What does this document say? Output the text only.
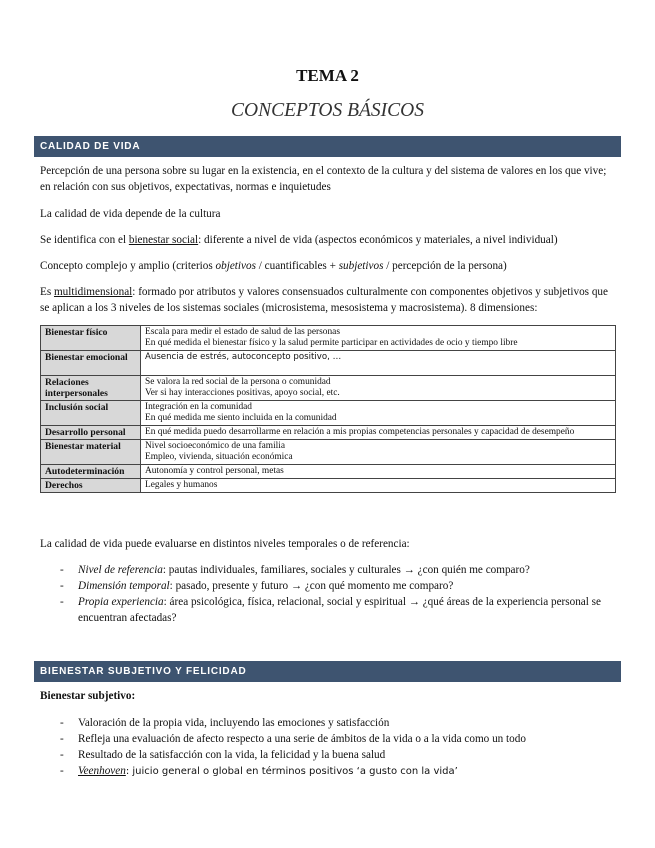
TEMA 2
CONCEPTOS BÁSICOS
CALIDAD DE VIDA
Percepción de una persona sobre su lugar en la existencia, en el contexto de la cultura y del sistema de valores en los que vive; en relación con sus objetivos, expectativas, normas e inquietudes
La calidad de vida depende de la cultura
Se identifica con el bienestar social: diferente a nivel de vida (aspectos económicos y materiales, a nivel individual)
Concepto complejo y amplio (criterios objetivos / cuantificables + subjetivos / percepción de la persona)
Es multidimensional: formado por atributos y valores consensuados culturalmente con componentes objetivos y subjetivos que se aplican a los 3 niveles de los sistemas sociales (microsistema, mesosistema y macrosistema). 8 dimensiones:
Bienestar físico	Escala para medir el estado de salud de las personas
En qué medida el bienestar físico y la salud permite participar en actividades de ocio y tiempo libre

Bienestar emocional	Ausencia de estrés, autoconcepto positivo, …

Relaciones interpersonales	Se valora la red social de la persona o comunidad
Ver si hay interacciones positivas, apoyo social, etc.

Inclusión social	Integración en la comunidad
En qué medida me siento incluida en la comunidad

Desarrollo personal	En qué medida puedo desarrollarme en relación a mis propias competencias personales y capacidad de desempeño

Bienestar material	Nivel socioeconómico de una familia
Empleo, vivienda, situación económica

Autodeterminación	Autonomía y control personal, metas

Derechos	Legales y humanos
La calidad de vida puede evaluarse en distintos niveles temporales o de referencia:
- Nivel de referencia: pautas individuales, familiares, sociales y culturales → ¿con quién me comparo?
- Dimensión temporal: pasado, presente y futuro → ¿con qué momento me comparo?
- Propia experiencia: área psicológica, física, relacional, social y espiritual → ¿qué áreas de la experiencia personal se encuentran afectadas?
BIENESTAR SUBJETIVO Y FELICIDAD
Bienestar subjetivo:
- Valoración de la propia vida, incluyendo las emociones y satisfacción
- Refleja una evaluación de afecto respecto a una serie de ámbitos de la vida o a la vida como un todo
- Resultado de la satisfacción con la vida, la felicidad y la buena salud
- Veenhoven: juicio general o global en términos positivos ‘a gusto con la vida’
